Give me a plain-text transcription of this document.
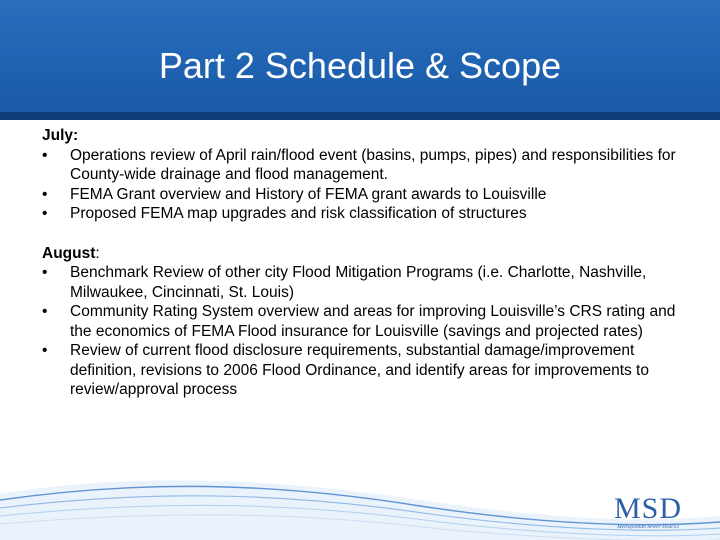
Part 2 Schedule & Scope
July:
•	Operations review of April rain/flood event (basins, pumps, pipes) and responsibilities for County-wide drainage and flood management.
•	FEMA Grant overview and History of FEMA grant awards to Louisville
•	Proposed FEMA map upgrades and risk classification of structures
August:
•	Benchmark Review of other city Flood Mitigation Programs (i.e. Charlotte, Nashville, Milwaukee, Cincinnati, St. Louis)
•	Community Rating System overview and areas for improving Louisville’s CRS rating and the economics of FEMA Flood insurance for Louisville (savings and projected rates)
•	Review of current flood disclosure requirements, substantial damage/improvement definition, revisions to 2006 Flood Ordinance, and identify areas for improvements to review/approval process
MSD
Metropolitan Sewer District
